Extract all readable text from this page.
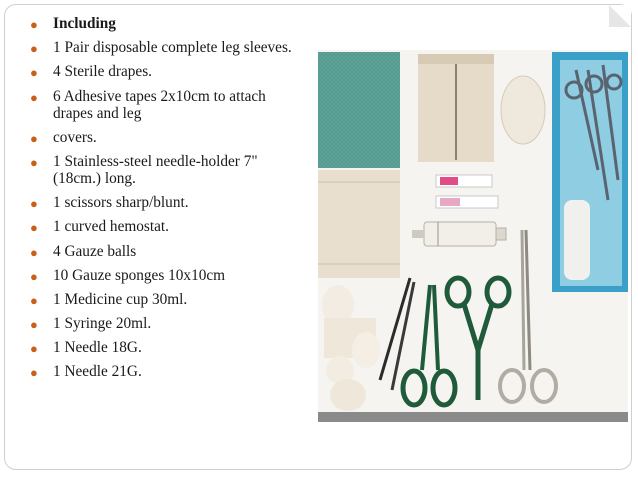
● Including
● 1 Pair disposable complete leg sleeves.
● 4 Sterile drapes.
● 6 Adhesive tapes 2x10cm to attach drapes and leg
● covers.
● 1 Stainless-steel needle-holder 7" (18cm.) long.
● 1 scissors sharp/blunt.
● 1 curved hemostat.
● 4 Gauze balls
● 10 Gauze sponges 10x10cm
● 1 Medicine cup 30ml.
● 1 Syringe 20ml.
● 1 Needle 18G.
● 1 Needle 21G.
